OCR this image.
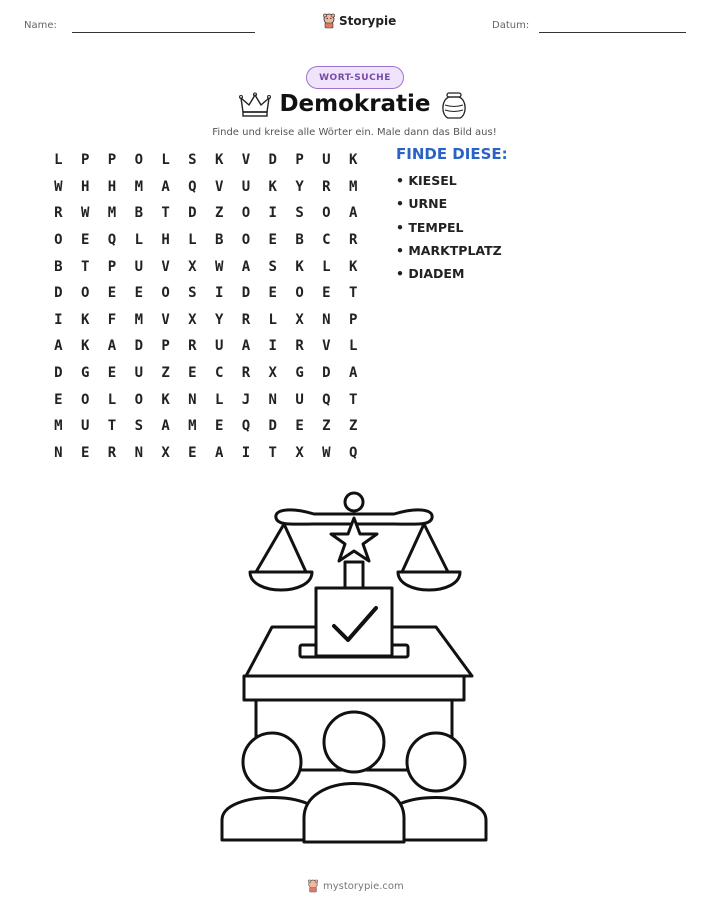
Name:	Storypie	Datum:
WORT-SUCHE
Demokratie
Finde und kreise alle Wörter ein. Male dann das Bild aus!
L	P	P	O	L	S	K	V	D	P	U	K
W	H	H	M	A	Q	V	U	K	Y	R	M
R	W	M	B	T	D	Z	O	I	S	O	A
O	E	Q	L	H	L	B	O	E	B	C	R
B	T	P	U	V	X	W	A	S	K	L	K
D	O	E	E	O	S	I	D	E	O	E	T
I	K	F	M	V	X	Y	R	L	X	N	P
A	K	A	D	P	R	U	A	I	R	V	L
D	G	E	U	Z	E	C	R	X	G	D	A
E	O	L	O	K	N	L	J	N	U	Q	T
M	U	T	S	A	M	E	Q	D	E	Z	Z
N	E	R	N	X	E	A	I	T	X	W	Q
FINDE DIESE:
• KIESEL
• URNE
• TEMPEL
• MARKTPLATZ
• DIADEM
mystorypie.com
